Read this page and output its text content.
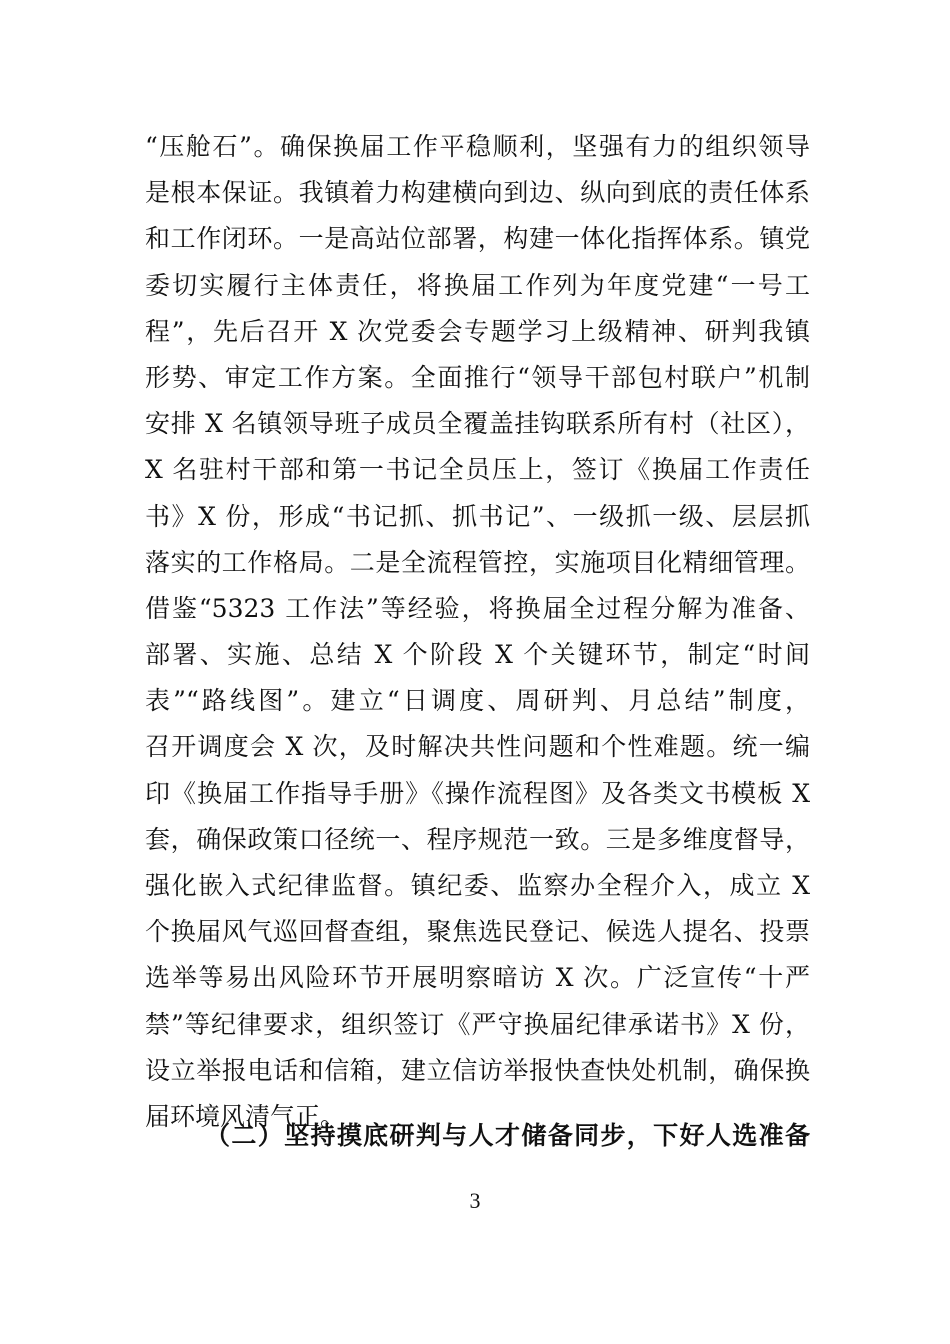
“压舱石”。确保换届工作平稳顺利，坚强有力的组织领导
是根本保证。我镇着力构建横向到边、纵向到底的责任体系
和工作闭环。一是高站位部署，构建一体化指挥体系。镇党
委切实履行主体责任，将换届工作列为年度党建“一号工
程”，先后召开 X 次党委会专题学习上级精神、研判我镇
形势、审定工作方案。全面推行“领导干部包村联户”机制
安排 X 名镇领导班子成员全覆盖挂钩联系所有村（社区），
X 名驻村干部和第一书记全员压上，签订《换届工作责任
书》X 份，形成“书记抓、抓书记”、一级抓一级、层层抓
落实的工作格局。二是全流程管控，实施项目化精细管理。
借鉴“5323 工作法”等经验，将换届全过程分解为准备、
部署、实施、总结 X 个阶段 X 个关键环节，制定“时间
表”“路线图”。建立“日调度、周研判、月总结”制度，
召开调度会 X 次，及时解决共性问题和个性难题。统一编
印《换届工作指导手册》《操作流程图》及各类文书模板 X
套，确保政策口径统一、程序规范一致。三是多维度督导，
强化嵌入式纪律监督。镇纪委、监察办全程介入，成立 X
个换届风气巡回督查组，聚焦选民登记、候选人提名、投票
选举等易出风险环节开展明察暗访 X 次。广泛宣传“十严
禁”等纪律要求，组织签订《严守换届纪律承诺书》X 份，
设立举报电话和信箱，建立信访举报快查快处机制，确保换
届环境风清气正。
（二）坚持摸底研判与人才储备同步，下好人选准备
3
